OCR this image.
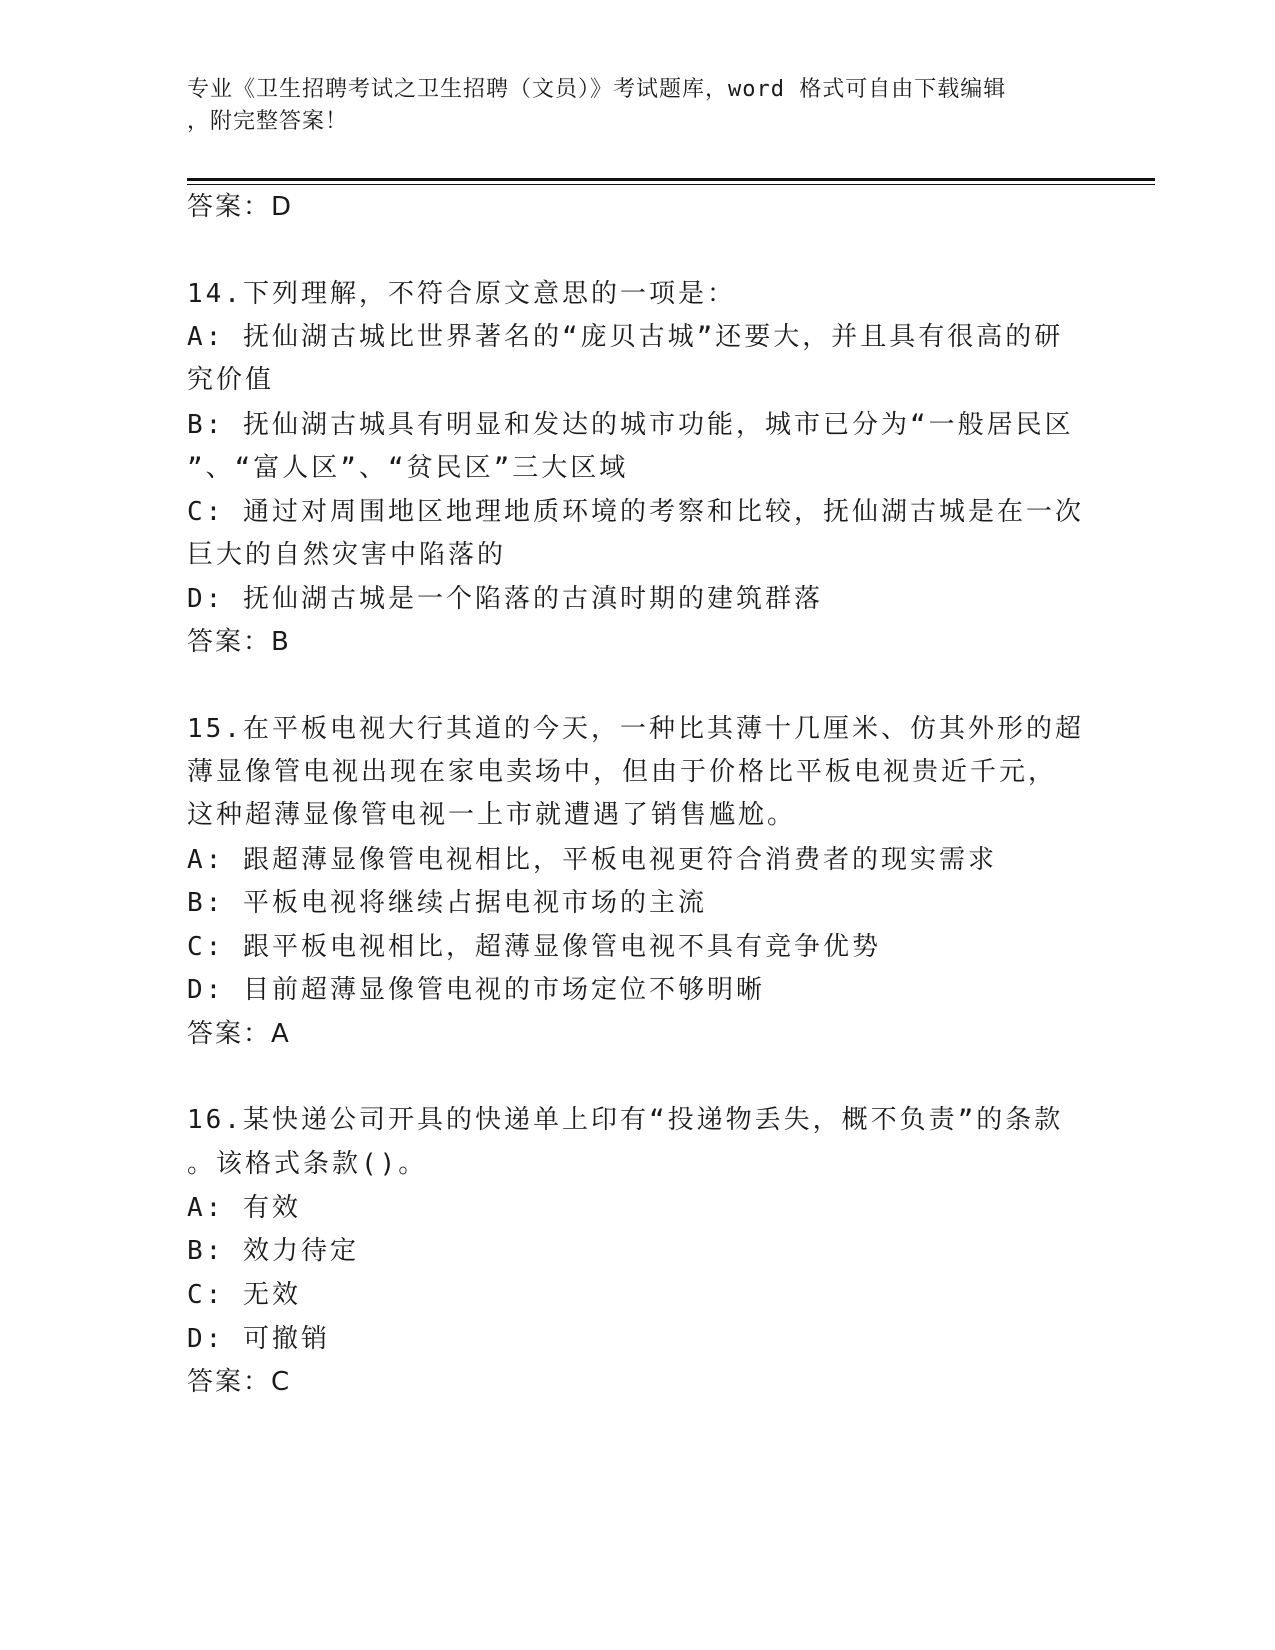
专业《卫生招聘考试之卫生招聘（文员）》考试题库，word 格式可自由下载编辑
，附完整答案！
答案：D
14.下列理解，不符合原文意思的一项是：
A: 抚仙湖古城比世界著名的“庞贝古城”还要大，并且具有很高的研
究价值
B: 抚仙湖古城具有明显和发达的城市功能，城市已分为“一般居民区
”、“富人区”、“贫民区”三大区域
C: 通过对周围地区地理地质环境的考察和比较，抚仙湖古城是在一次
巨大的自然灾害中陷落的
D: 抚仙湖古城是一个陷落的古滇时期的建筑群落
答案：B
15.在平板电视大行其道的今天，一种比其薄十几厘米、仿其外形的超
薄显像管电视出现在家电卖场中，但由于价格比平板电视贵近千元，
这种超薄显像管电视一上市就遭遇了销售尴尬。
A: 跟超薄显像管电视相比，平板电视更符合消费者的现实需求
B: 平板电视将继续占据电视市场的主流
C: 跟平板电视相比，超薄显像管电视不具有竞争优势
D: 目前超薄显像管电视的市场定位不够明晰
答案：A
16.某快递公司开具的快递单上印有“投递物丢失，概不负责”的条款
。该格式条款()。
A: 有效
B: 效力待定
C: 无效
D: 可撤销
答案：C
